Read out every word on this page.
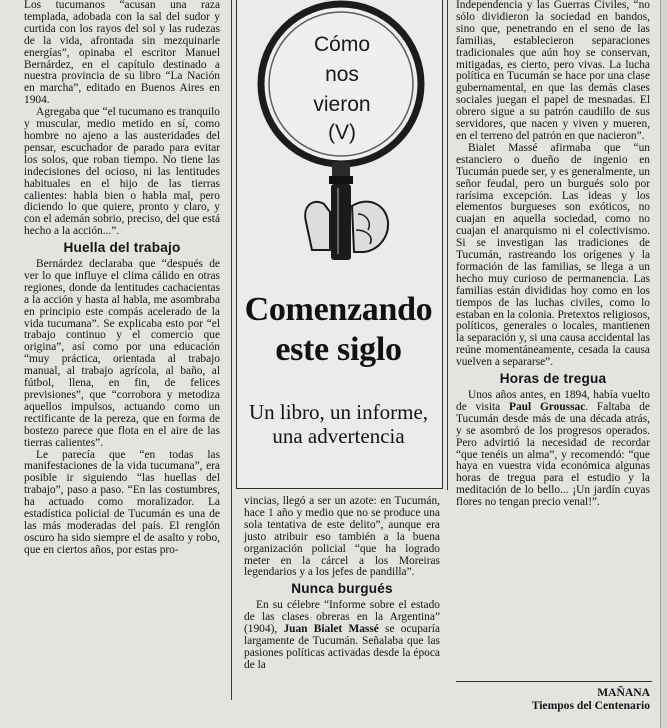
Los tucumanos “acusan una raza templada, adobada con la sal del sudor y curtida con los rayos del sol y las rudezas de la vida, afrontada sin mezquinarle energías”, opinaba el escritor Manuel Bernárdez, en el capítulo destinado a nuestra provincia de su libro “La Nación en marcha”, editado en Buenos Aires en 1904.

Agregaba que “el tucumano es tranquilo y muscular, medio metido en sí, como hombre no ajeno a las austeridades del pensar, escuchador de parado para evitar los solos, que roban tiempo. No tiene las indecisiones del ocioso, ni las lentitudes habituales en el hijo de las tierras calientes: habla bien o habla mal, pero diciendo lo que quiere, pronto y claro, y con el ademán sobrio, preciso, del que está hecho a la acción...”.

Huella del trabajo

Bernárdez declaraba que “después de ver lo que influye el clima cálido en otras regiones, donde da lentitudes cachacientas a la acción y hasta al habla, me asombraba en principio este compás acelerado de la vida tucumana”. Se explicaba esto por “el trabajo continuo y el comercio que origina”, así como por una educación “muy práctica, orientada al trabajo manual, al trabajo agrícola, al baño, al fútbol, llena, en fin, de felices previsiones”, que “corrobora y metodiza aquellos impulsos, actuando como un rectificante de la pereza, que en forma de bostezo parece que flota en el aire de las tierras calientes”.

Le parecía que “en todas las manifestaciones de la vida tucumana”, era posible ir siguiendo “las huellas del trabajo”, paso a paso. “En las costumbres, ha actuado como moralizador. La estadística policial de Tucumán es una de las más moderadas del país. El renglón oscuro ha sido siempre el de asalto y robo, que en ciertos años, por estas pro-

Cómo
nos
vieron
(V)
Comenzando
este siglo
Un libro, un informe, una advertencia

vincias, llegó a ser un azote: en Tucumán, hace 1 año y medio que no se produce una sola tentativa de este delito”, aunque era justo atribuir eso también a la buena organización policial “que ha logrado meter en la cárcel a los Moreiras legendarios y a los jefes de pandilla”.

Nunca burgués

En su célebre “Informe sobre el estado de las clases obreras en la Argentina” (1904), Juan Bialet Massé se ocuparía largamente de Tucumán. Señalaba que las pasiones políticas activadas desde la época de la

Independencia y las Guerras Civiles, “no sólo dividieron la sociedad en bandos, sino que, penetrando en el seno de las familias, establecieron separaciones tradicionales que aún hoy se conservan, mitigadas, es cierto, pero vivas. La lucha política en Tucumán se hace por una clase gubernamental, en que las demás clases sociales juegan el papel de mesnadas. El obrero sigue a su patrón caudillo de sus servidores, que nacen y viven y mueren, en el terreno del patrón en que nacieron”.

Bialet Massé afirmaba que “un estanciero o dueño de ingenio en Tucumán puede ser, y es generalmente, un señor feudal, pero un burgués solo por rarísima excepción. Las ideas y los elementos burgueses son exóticos, no cuajan en aquella sociedad, como no cuajan el anarquismo ni el colectivismo. Si se investigan las tradiciones de Tucumán, rastreando los orígenes y la formación de las familias, se llega a un hecho muy curioso de permanencia. Las familias están divididas hoy como en los tiempos de las luchas civiles, como lo estaban en la colonia. Pretextos religiosos, políticos, generales o locales, mantienen la separación y, si una causa accidental las reúne momentáneamente, cesada la causa vuelven a separarse”.

Horas de tregua

Unos años antes, en 1894, había vuelto de visita Paul Groussac. Faltaba de Tucumán desde más de una década atrás, y se asombró de los progresos operados. Pero advirtió la necesidad de recordar “que tenéis un alma”, y recomendó: “que haya en vuestra vida económica algunas horas de tregua para el estudio y la meditación de lo bello... ¡Un jardín cuyas flores no tengan precio venal!”.

MAÑANA
Tiempos del Centenario
